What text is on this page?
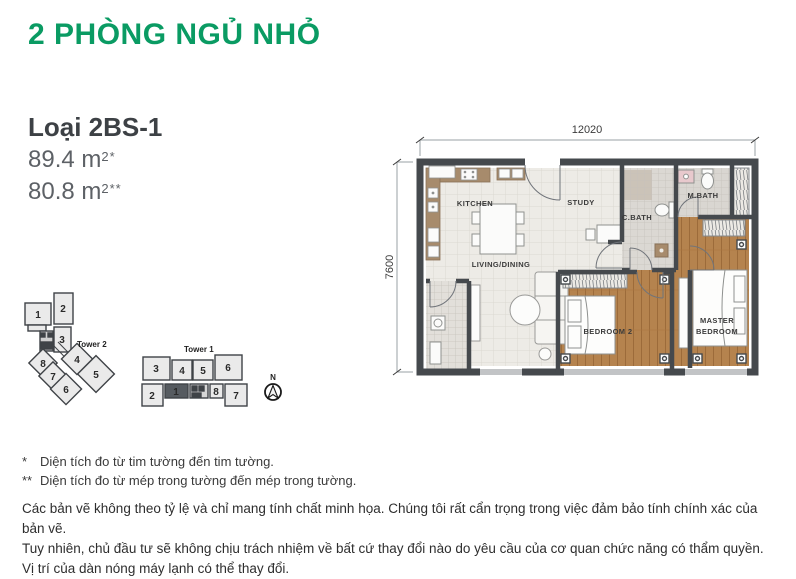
2 PHÒNG NGỦ NHỎ
Loại 2BS-1
89.4 $m^{2*}$
80.8 $m^{2**}$
12020
7600
KITCHEN	STUDY
C.BATH
M.BATH
LIVING/DINING
BEDROOM 2
MASTER
BEDROOM
1
2
3
8
7
6
4
5
Tower 2
Tower 1
3 4 5 6
2 1	8 7
N
* Diện tích đo từ tim tường đến tim tường.
** Diện tích đo từ mép trong tường đến mép trong tường.
Các bản vẽ không theo tỷ lệ và chỉ mang tính chất minh họa. Chúng tôi rất cẩn trọng trong việc đảm bảo tính chính xác của bản vẽ.
Tuy nhiên, chủ đầu tư sẽ không chịu trách nhiệm về bất cứ thay đổi nào do yêu cầu của cơ quan chức năng có thẩm quyền.
Vị trí của dàn nóng máy lạnh có thể thay đổi.
